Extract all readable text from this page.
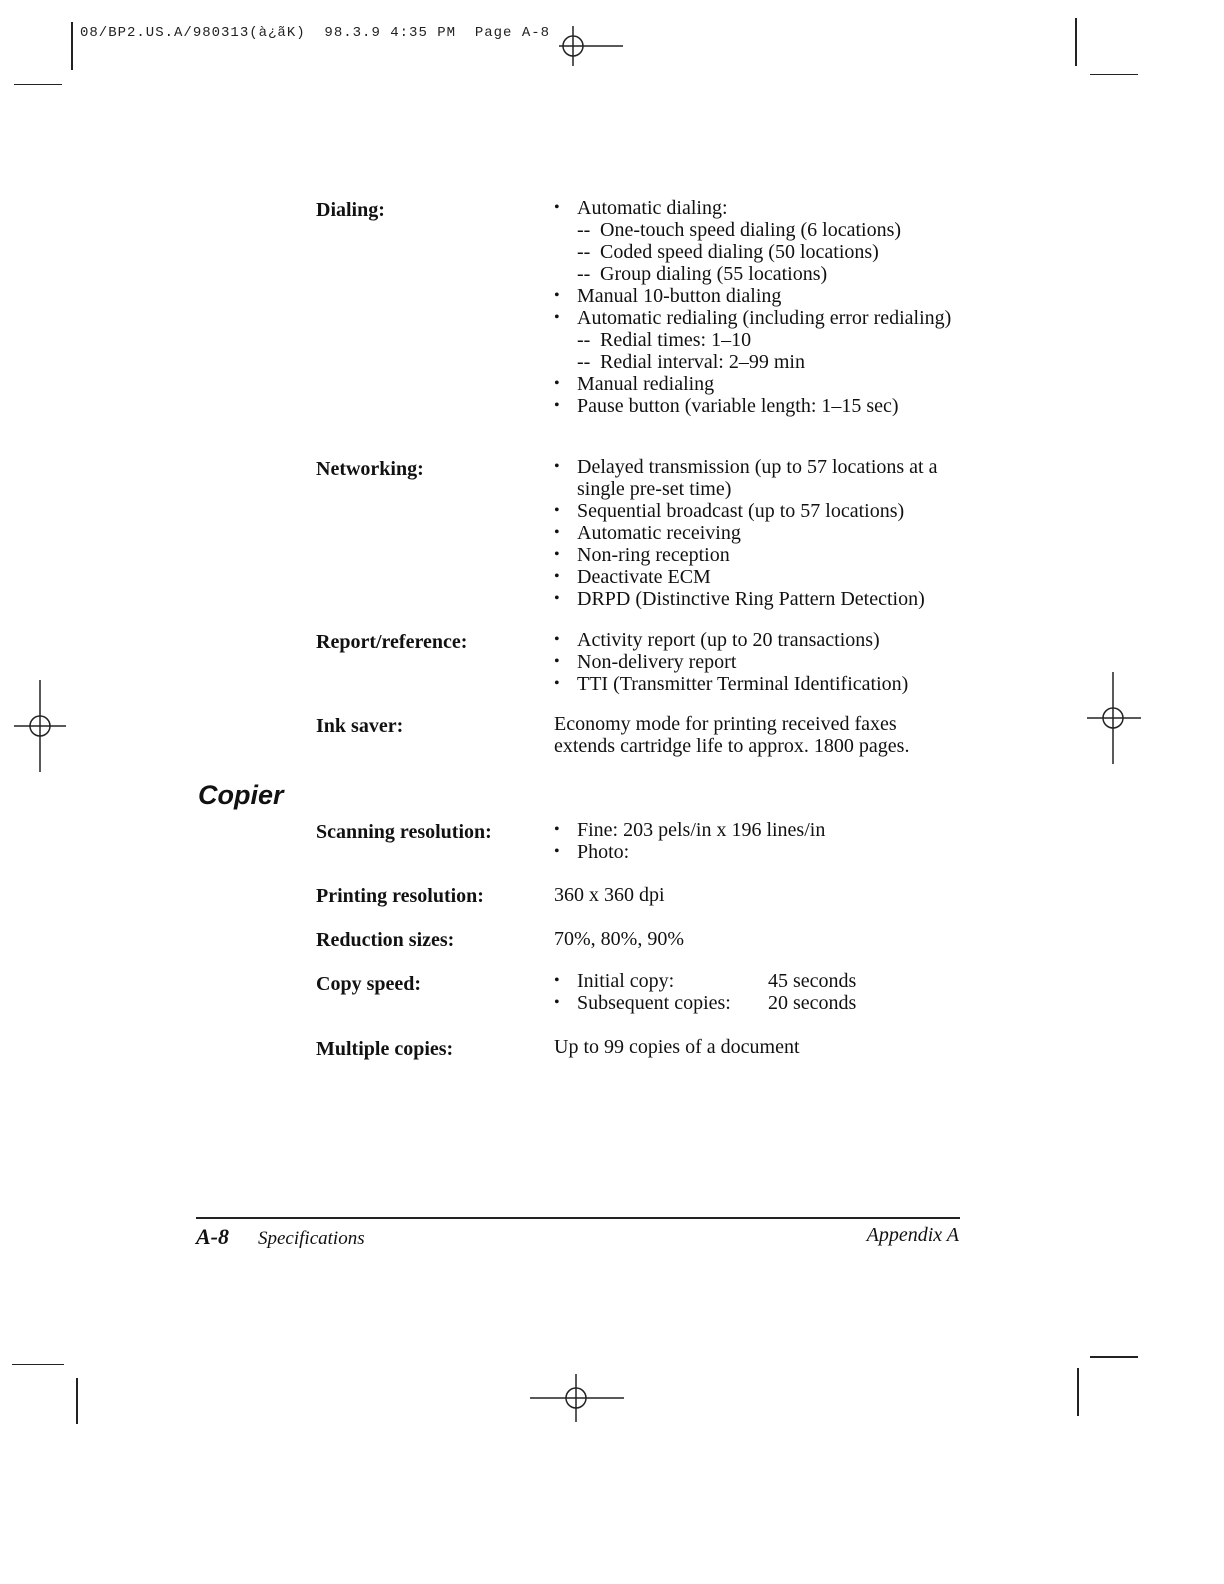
08/BP2.US.A/980313(à¿ãK)  98.3.9 4:35 PM  Page A-8
Dialing:	• Automatic dialing:
-- One-touch speed dialing (6 locations)
-- Coded speed dialing (50 locations)
-- Group dialing (55 locations)
• Manual 10-button dialing
• Automatic redialing (including error redialing)
-- Redial times: 1–10
-- Redial interval: 2–99 min
• Manual redialing
• Pause button (variable length: 1–15 sec)
Networking:	• Delayed transmission (up to 57 locations at a single pre-set time)
• Sequential broadcast (up to 57 locations)
• Automatic receiving
• Non-ring reception
• Deactivate ECM
• DRPD (Distinctive Ring Pattern Detection)
Report/reference:	• Activity report (up to 20 transactions)
• Non-delivery report
• TTI (Transmitter Terminal Identification)
Ink saver:	Economy mode for printing received faxes extends cartridge life to approx. 1800 pages.
Copier
Scanning resolution:	• Fine: 203 pels/in x 196 lines/in
• Photo:
Printing resolution:	360 x 360 dpi
Reduction sizes:	70%, 80%, 90%
Copy speed:	• Initial copy:	45 seconds
• Subsequent copies: 20 seconds
Multiple copies:	Up to 99 copies of a document
A-8 Specifications	Appendix A
